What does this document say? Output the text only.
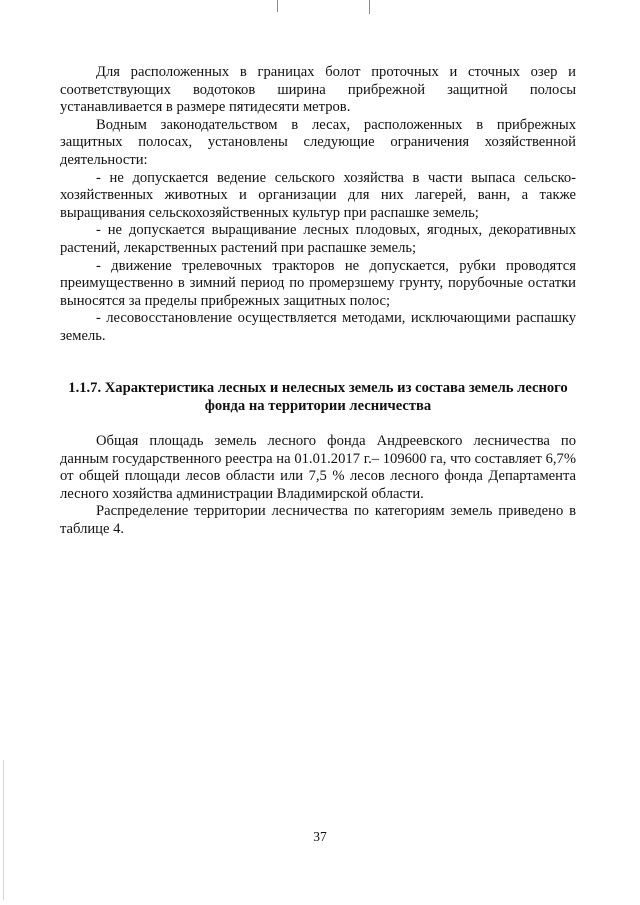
Для расположенных в границах болот проточных и сточных озер и соответствующих водотоков ширина прибрежной защитной полосы устанавливается в размере пятидесяти метров.

Водным законодательством в лесах, расположенных в прибрежных защитных полосах, установлены следующие ограничения хозяйственной деятельности:

- не допускается ведение сельского хозяйства в части выпаса сельско-хозяйственных животных и организации для них лагерей, ванн, а также выращивания сельскохозяйственных культур при распашке земель;

- не допускается выращивание лесных плодовых, ягодных, декоративных растений, лекарственных растений при распашке земель;

- движение трелевочных тракторов не допускается, рубки проводятся преимущественно в зимний период по промерзшему грунту, порубочные остатки выносятся за пределы прибрежных защитных полос;

- лесовосстановление осуществляется методами, исключающими распашку земель.

1.1.7. Характеристика лесных и нелесных земель из состава земель лесного
фонда на территории лесничества

Общая площадь земель лесного фонда Андреевского лесничества по данным государственного реестра на 01.01.2017 г.– 109600 га, что составляет 6,7% от общей площади лесов области или 7,5 % лесов лесного фонда Департамента лесного хозяйства администрации Владимирской области.

Распределение территории лесничества по категориям земель приведено в таблице 4.

37
